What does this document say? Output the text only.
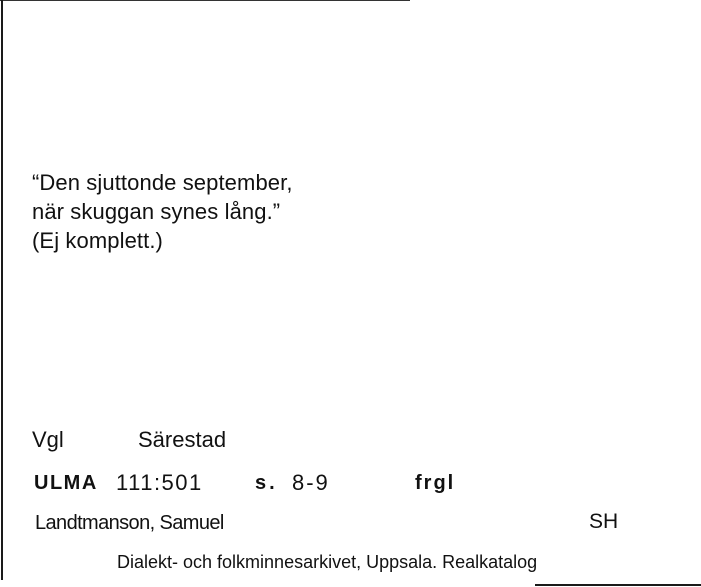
“Den sjuttonde september,
när skuggan synes lång.”
(Ej komplett.)
Vgl	Särestad
ULMA 111:501	s. 8-9	frgl
Landtmanson, Samuel	SH
Dialekt- och folkminnesarkivet, Uppsala. Realkatalog
